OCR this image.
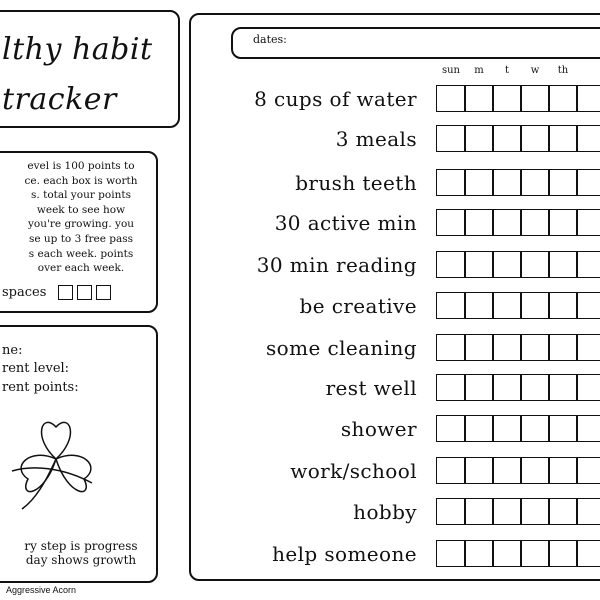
lthy habit
tracker
evel is 100 points to
ce. each box is worth
s. total your points
week to see how
you're growing. you
se up to 3 free pass
s each week. points
over each week.
spaces
ne:
rent level:
rent points:
ry step is progress
day shows growth
Aggressive Acorn
dates:
sun	m	t	w	th
8 cups of water
3 meals
brush teeth
30 active min
30 min reading
be creative
some cleaning
rest well
shower
work/school
hobby
help someone
